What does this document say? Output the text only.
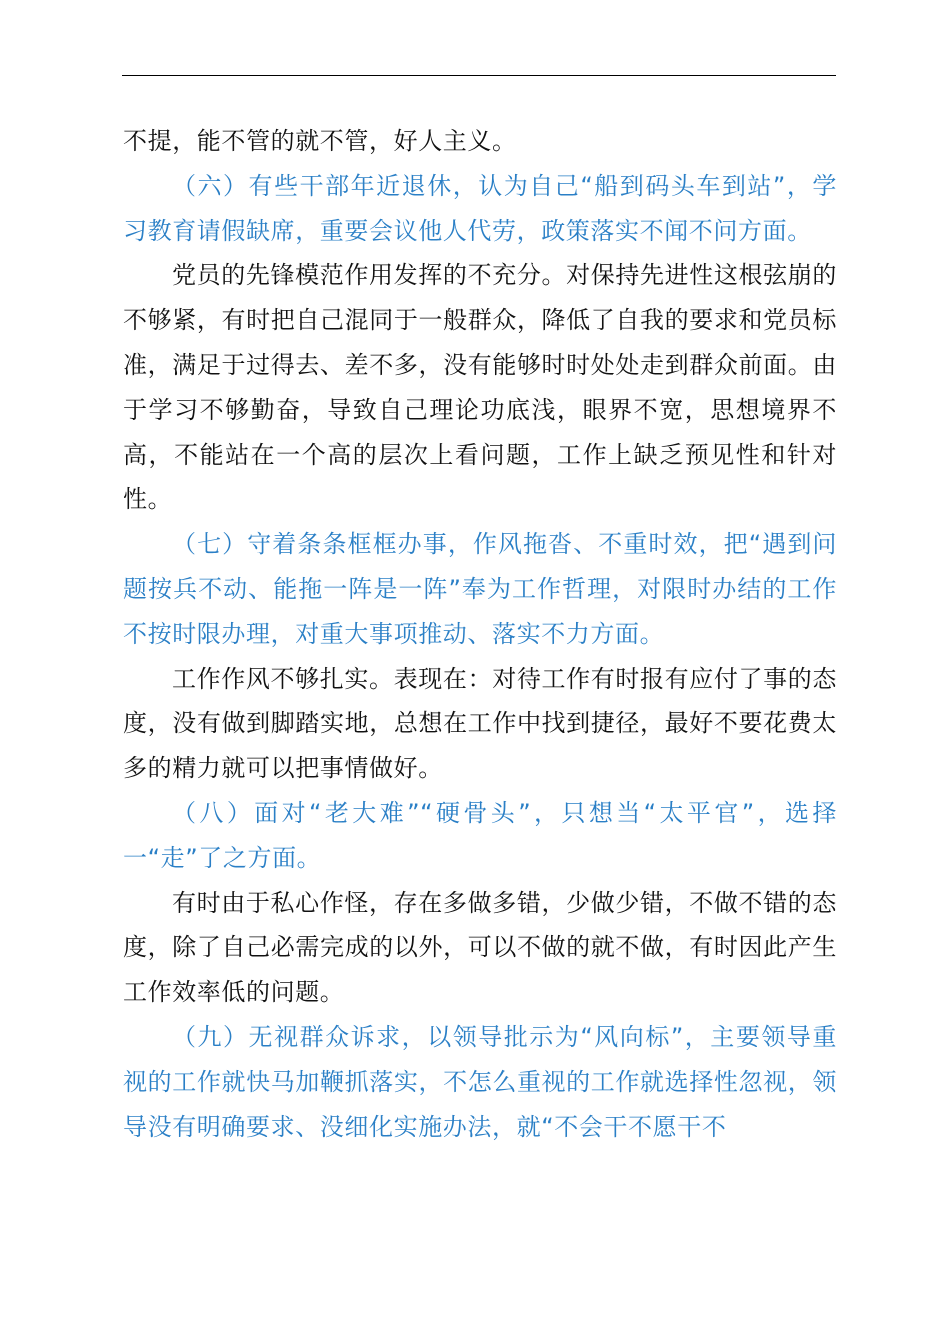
不提，能不管的就不管，好人主义。

（六）有些干部年近退休，认为自己“船到码头车到站”，学习教育请假缺席，重要会议他人代劳，政策落实不闻不问方面。

党员的先锋模范作用发挥的不充分。对保持先进性这根弦崩的不够紧，有时把自己混同于一般群众，降低了自我的要求和党员标准，满足于过得去、差不多，没有能够时时处处走到群众前面。由于学习不够勤奋，导致自己理论功底浅，眼界不宽，思想境界不高，不能站在一个高的层次上看问题，工作上缺乏预见性和针对性。

（七）守着条条框框办事，作风拖沓、不重时效，把“遇到问题按兵不动、能拖一阵是一阵”奉为工作哲理，对限时办结的工作不按时限办理，对重大事项推动、落实不力方面。

工作作风不够扎实。表现在：对待工作有时报有应付了事的态度，没有做到脚踏实地，总想在工作中找到捷径，最好不要花费太多的精力就可以把事情做好。

（八）面对“老大难”“硬骨头”，只想当“太平官”，选择一“走”了之方面。

有时由于私心作怪，存在多做多错，少做少错，不做不错的态度，除了自己必需完成的以外，可以不做的就不做，有时因此产生工作效率低的问题。

（九）无视群众诉求，以领导批示为“风向标”，主要领导重视的工作就快马加鞭抓落实，不怎么重视的工作就选择性忽视，领导没有明确要求、没细化实施办法，就“不会干不愿干不
